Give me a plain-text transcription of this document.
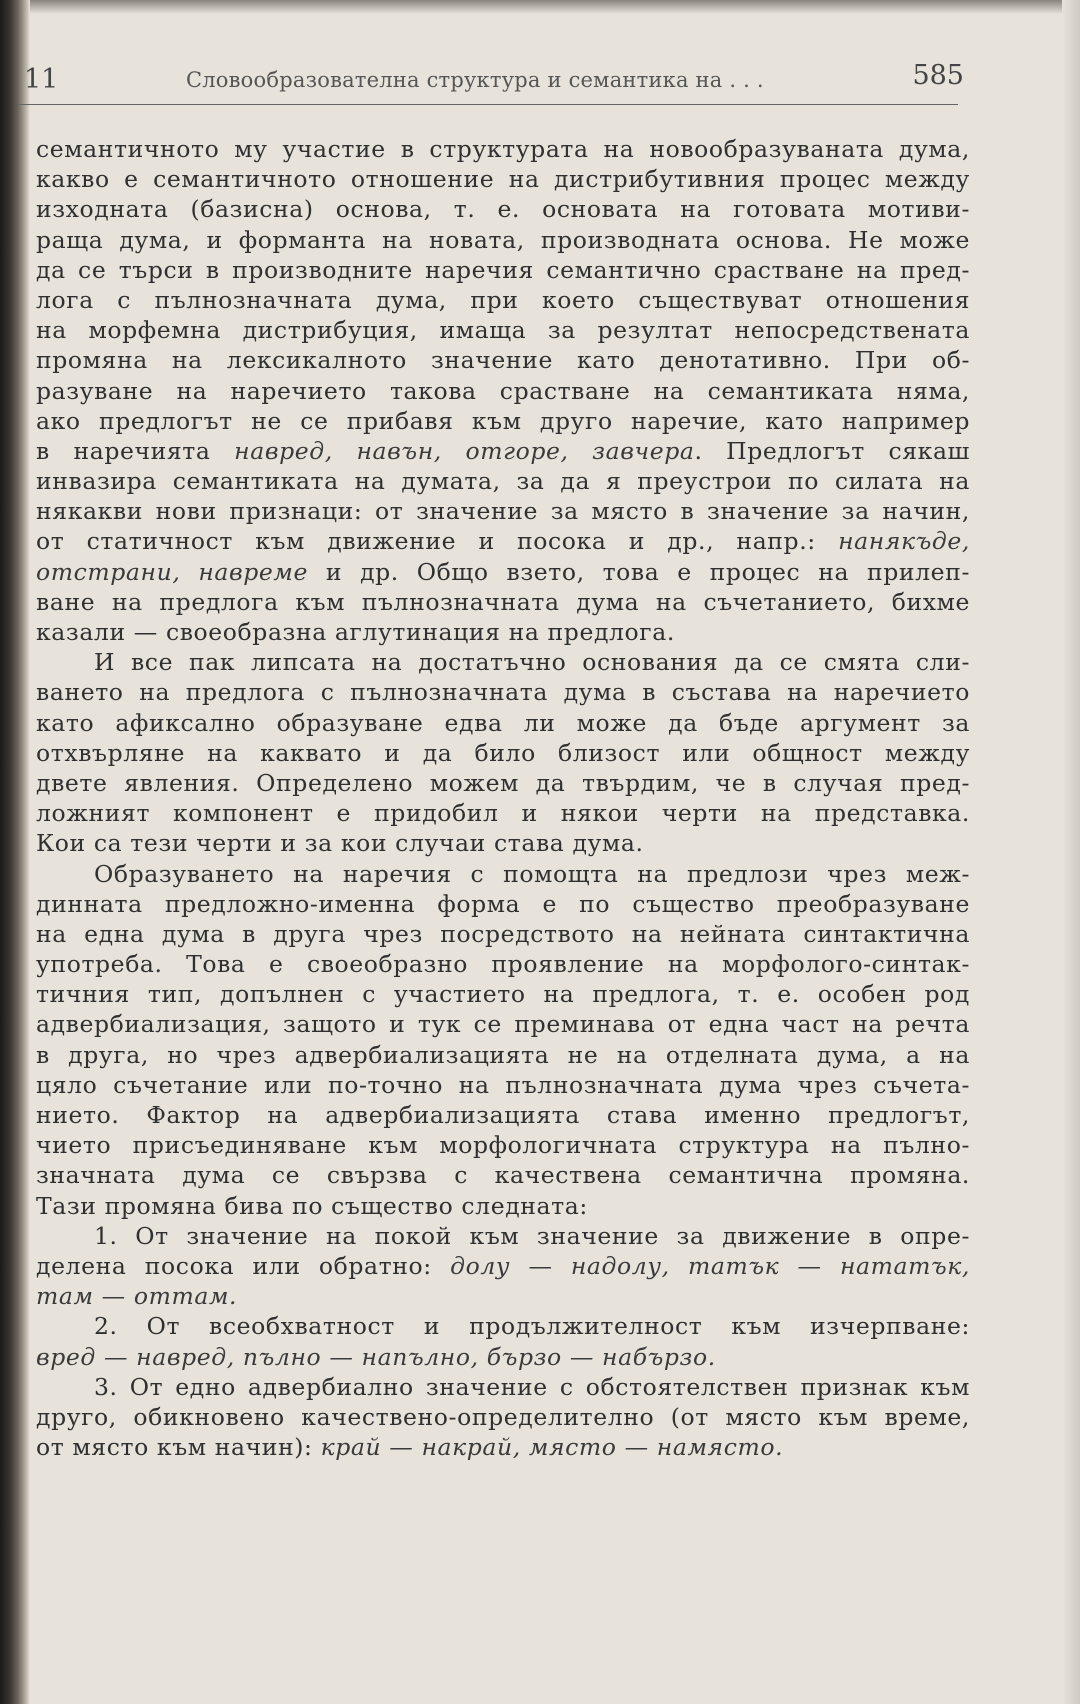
11	Словообразователна структура и семантика на . . .	585
семантичното му участие в структурата на новообразуваната дума,
какво е семантичното отношение на дистрибутивния процес между
изходната (базисна) основа, т. е. основата на готовата мотиви-
раща дума, и форманта на новата, производната основа. Не може
да се търси в производните наречия семантично срастване на пред-
лога с пълнозначната дума, при което съществуват отношения
на морфемна дистрибуция, имаща за резултат непосредствената
промяна на лексикалното значение като денотативно. При об-
разуване на наречието такова срастване на семантиката няма,
ако предлогът не се прибавя към друго наречие, като например
в наречията навред, навън, отгоре, завчера. Предлогът сякаш
инвазира семантиката на думата, за да я преустрои по силата на
някакви нови признаци: от значение за място в значение за начин,
от статичност към движение и посока и др., напр.: нанякъде,
отстрани, навреме и др. Общо взето, това е процес на прилеп-
ване на предлога към пълнозначната дума на съчетанието, бихме
казали — своеобразна аглутинация на предлога.
И все пак липсата на достатъчно основания да се смята сли-
ването на предлога с пълнозначната дума в състава на наречието
като афиксално образуване едва ли може да бъде аргумент за
отхвърляне на каквато и да било близост или общност между
двете явления. Определено можем да твърдим, че в случая пред-
ложният компонент е придобил и някои черти на представка.
Кои са тези черти и за кои случаи става дума.
Образуването на наречия с помощта на предлози чрез меж-
динната предложно-именна форма е по същество преобразуване
на една дума в друга чрез посредството на нейната синтактична
употреба. Това е своеобразно проявление на морфолого-синтак-
тичния тип, допълнен с участието на предлога, т. е. особен род
адвербиализация, защото и тук се преминава от една част на речта
в друга, но чрез адвербиализацията не на отделната дума, а на
цяло съчетание или по-точно на пълнозначната дума чрез съчета-
нието. Фактор на адвербиализацията става именно предлогът,
чието присъединяване към морфологичната структура на пълно-
значната дума се свързва с качествена семантична промяна.
Тази промяна бива по същество следната:
1. От значение на покой към значение за движение в опре-
делена посока или обратно: долу — надолу, татък — нататък,
там — оттам.
2. От всеобхватност и продължителност към изчерпване:
вред — навред, пълно — напълно, бързо — набързо.
3. От едно адвербиално значение с обстоятелствен признак към
друго, обикновено качествено-определително (от място към време,
от място към начин): край — накрай, място — намясто.
